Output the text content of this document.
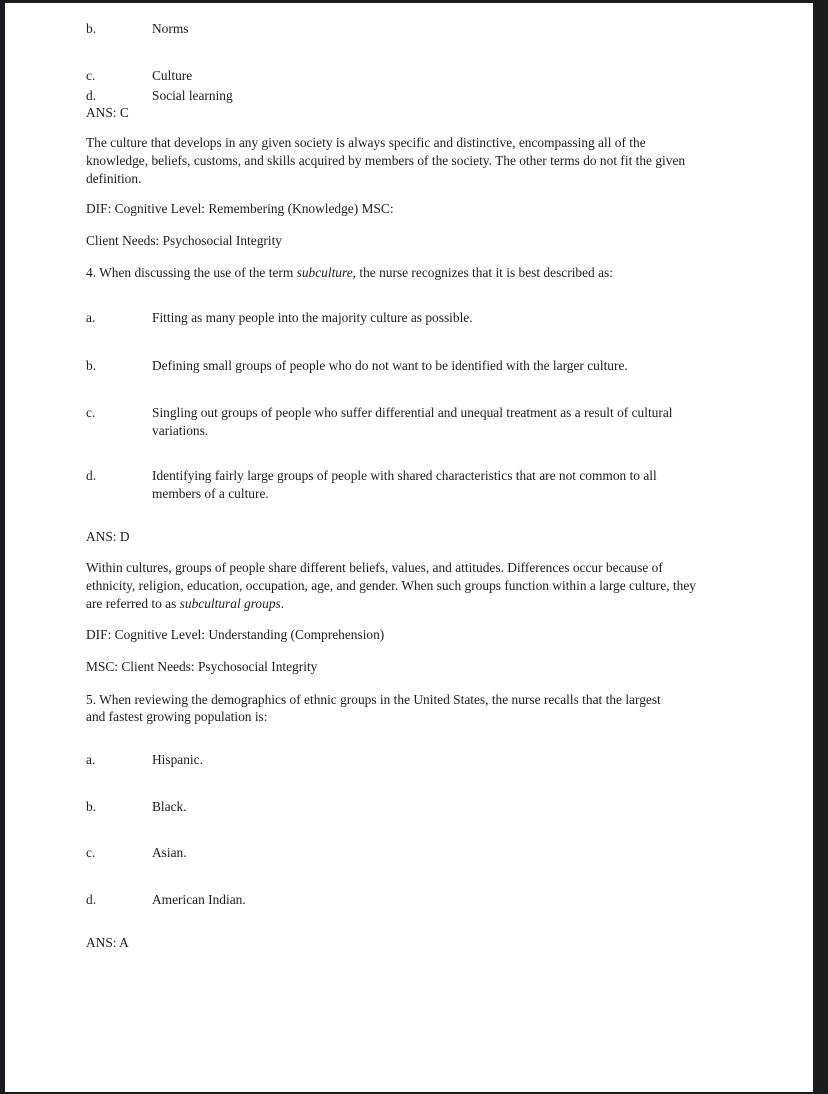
b.	Norms
c.	Culture
d.	Social learning
ANS: C
The culture that develops in any given society is always specific and distinctive, encompassing all of the
knowledge, beliefs, customs, and skills acquired by members of the society. The other terms do not fit the given
definition.
DIF: Cognitive Level: Remembering (Knowledge) MSC:
Client Needs: Psychosocial Integrity
4. When discussing the use of the term subculture, the nurse recognizes that it is best described as:
a.	Fitting as many people into the majority culture as possible.
b.	Defining small groups of people who do not want to be identified with the larger culture.
c.	Singling out groups of people who suffer differential and unequal treatment as a result of cultural
variations.
d.	Identifying fairly large groups of people with shared characteristics that are not common to all
members of a culture.
ANS: D
Within cultures, groups of people share different beliefs, values, and attitudes. Differences occur because of
ethnicity, religion, education, occupation, age, and gender. When such groups function within a large culture, they
are referred to as subcultural groups.
DIF: Cognitive Level: Understanding (Comprehension)
MSC: Client Needs: Psychosocial Integrity
5. When reviewing the demographics of ethnic groups in the United States, the nurse recalls that the largest
and fastest growing population is:
a.	Hispanic.
b.	Black.
c.	Asian.
d.	American Indian.
ANS: A
